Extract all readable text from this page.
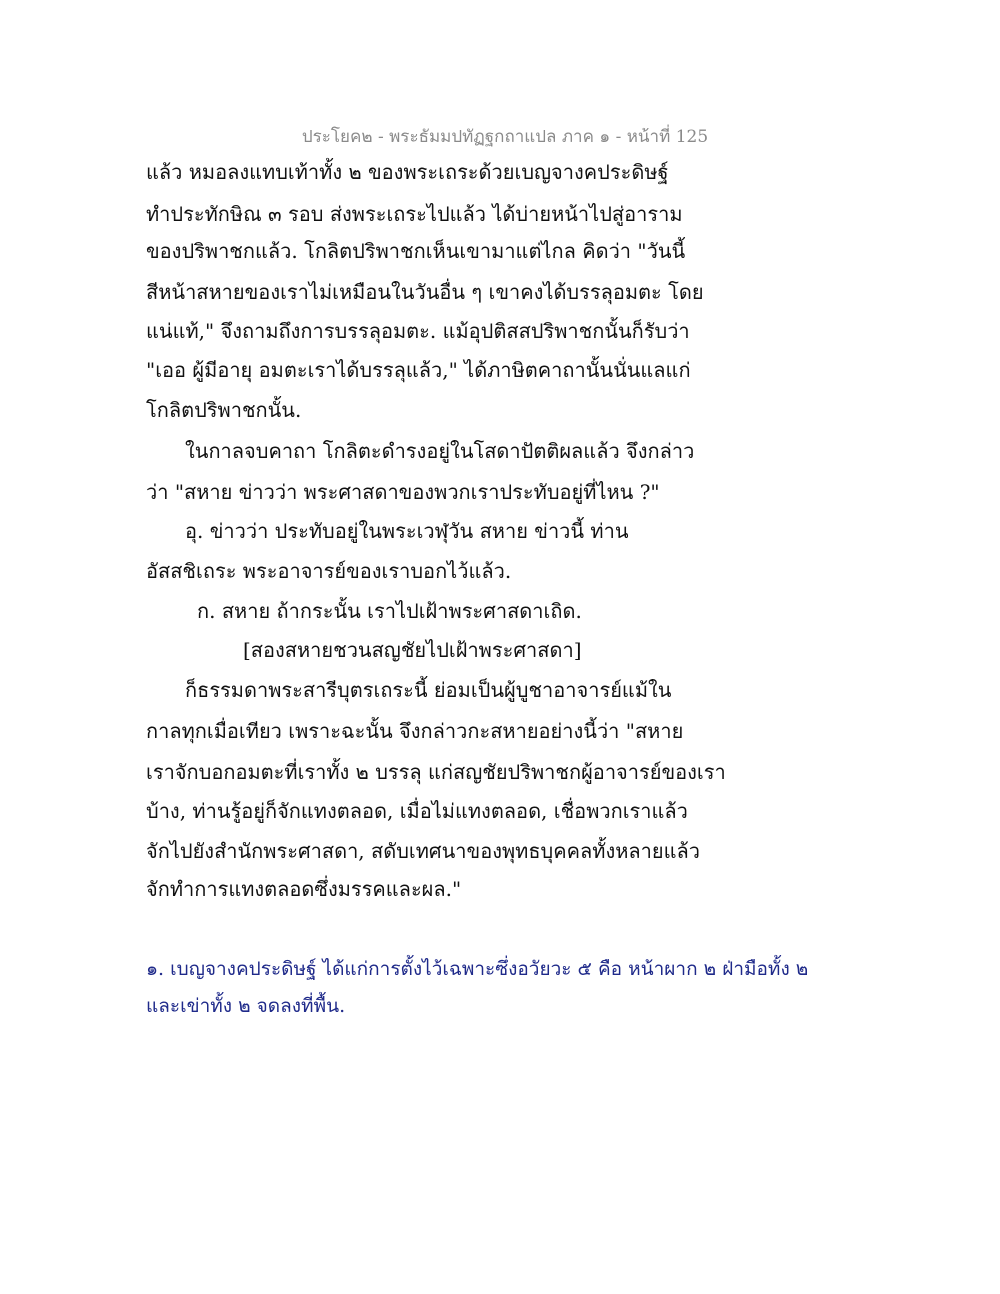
ประโยค๒ - พระธัมมปทัฏฐกถาแปล ภาค ๑ - หน้าที่ 125
แล้ว หมอลงแทบเท้าทั้ง ๒ ของพระเถระด้วยเบญจางคประดิษฐ์
ทำประทักษิณ ๓ รอบ ส่งพระเถระไปแล้ว ได้บ่ายหน้าไปสู่อาราม
ของปริพาชกแล้ว. โกลิตปริพาชกเห็นเขามาแต่ไกล คิดว่า "วันนี้
สีหน้าสหายของเราไม่เหมือนในวันอื่น ๆ เขาคงได้บรรลุอมตะ โดย
แน่แท้," จึงถามถึงการบรรลุอมตะ. แม้อุปติสสปริพาชกนั้นก็รับว่า
"เออ ผู้มีอายุ อมตะเราได้บรรลุแล้ว," ได้ภาษิตคาถานั้นนั่นแลแก่
โกลิตปริพาชกนั้น.
ในกาลจบคาถา โกลิตะดำรงอยู่ในโสดาปัตติผลแล้ว จึงกล่าว
ว่า "สหาย ข่าวว่า พระศาสดาของพวกเราประทับอยู่ที่ไหน ?"
อุ. ข่าวว่า ประทับอยู่ในพระเวฬุวัน สหาย ข่าวนี้ ท่าน
อัสสชิเถระ พระอาจารย์ของเราบอกไว้แล้ว.
ก. สหาย ถ้ากระนั้น เราไปเฝ้าพระศาสดาเถิด.
[สองสหายชวนสญชัยไปเฝ้าพระศาสดา]
ก็ธรรมดาพระสารีบุตรเถระนี้ ย่อมเป็นผู้บูชาอาจารย์แม้ใน
กาลทุกเมื่อเทียว เพราะฉะนั้น จึงกล่าวกะสหายอย่างนี้ว่า "สหาย
เราจักบอกอมตะที่เราทั้ง ๒ บรรลุ แก่สญชัยปริพาชกผู้อาจารย์ของเรา
บ้าง, ท่านรู้อยู่ก็จักแทงตลอด, เมื่อไม่แทงตลอด, เชื่อพวกเราแล้ว
จักไปยังสำนักพระศาสดา, สดับเทศนาของพุทธบุคคลทั้งหลายแล้ว
จักทำการแทงตลอดซึ่งมรรคและผล."
๑. เบญจางคประดิษฐ์ ได้แก่การตั้งไว้เฉพาะซึ่งอวัยวะ ๕ คือ หน้าผาก ๒ ฝ่ามือทั้ง ๒
และเข่าทั้ง ๒ จดลงที่พื้น.
